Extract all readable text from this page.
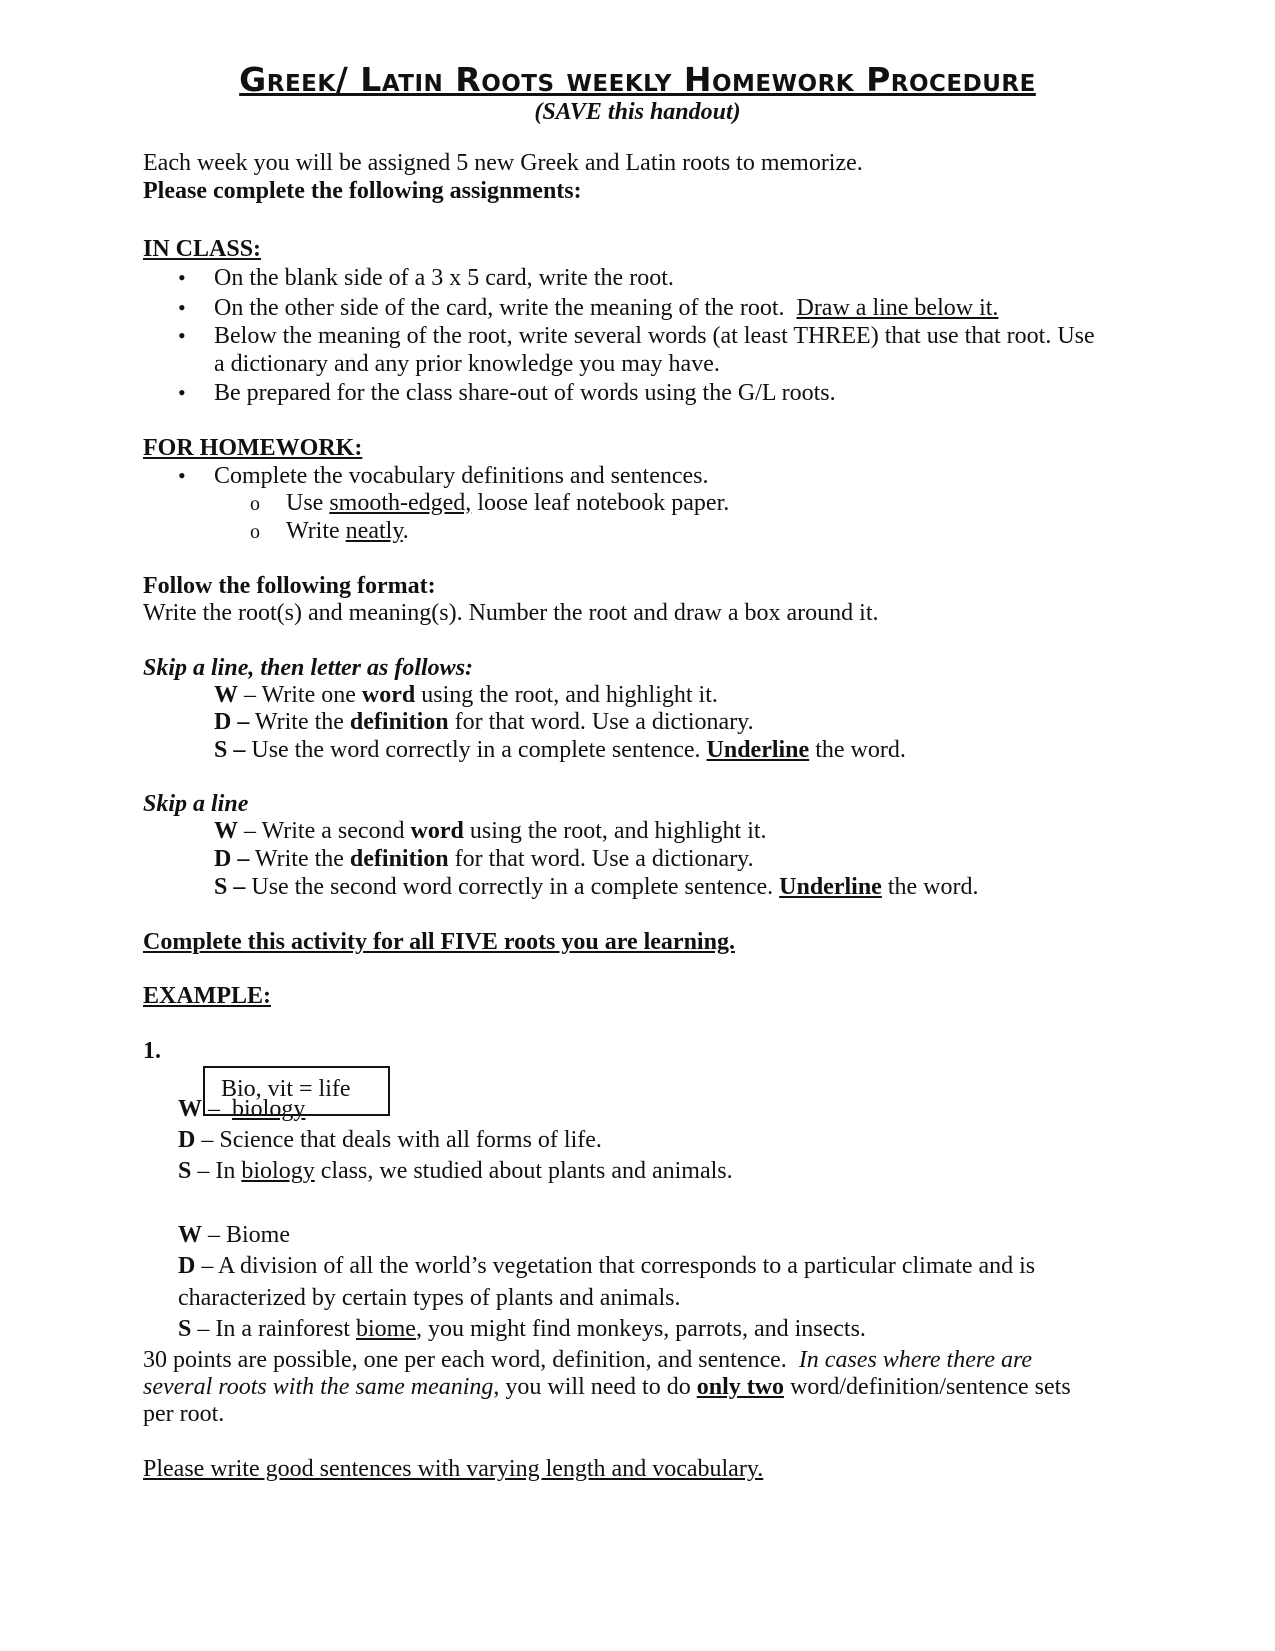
Greek/ Latin Roots weekly Homework Procedure
(SAVE this handout)
Each week you will be assigned 5 new Greek and Latin roots to memorize.
Please complete the following assignments:
IN CLASS:
• On the blank side of a 3 x 5 card, write the root.
• On the other side of the card, write the meaning of the root. Draw a line below it.
• Below the meaning of the root, write several words (at least THREE) that use that root. Use
a dictionary and any prior knowledge you may have.
• Be prepared for the class share-out of words using the G/L roots.
FOR HOMEWORK:
• Complete the vocabulary definitions and sentences.
o Use smooth-edged, loose leaf notebook paper.
o Write neatly.
Follow the following format:
Write the root(s) and meaning(s). Number the root and draw a box around it.
Skip a line, then letter as follows:
W – Write one word using the root, and highlight it.
D – Write the definition for that word. Use a dictionary.
S – Use the word correctly in a complete sentence. Underline the word.
Skip a line
W – Write a second word using the root, and highlight it.
D – Write the definition for that word. Use a dictionary.
S – Use the second word correctly in a complete sentence. Underline the word.
Complete this activity for all FIVE roots you are learning.
EXAMPLE:
1.
Bio, vit = life
W – biology
D – Science that deals with all forms of life.
S – In biology class, we studied about plants and animals.
W – Biome
D – A division of all the world’s vegetation that corresponds to a particular climate and is
characterized by certain types of plants and animals.
S – In a rainforest biome, you might find monkeys, parrots, and insects.
30 points are possible, one per each word, definition, and sentence. In cases where there are
several roots with the same meaning, you will need to do only two word/definition/sentence sets
per root.
Please write good sentences with varying length and vocabulary.
